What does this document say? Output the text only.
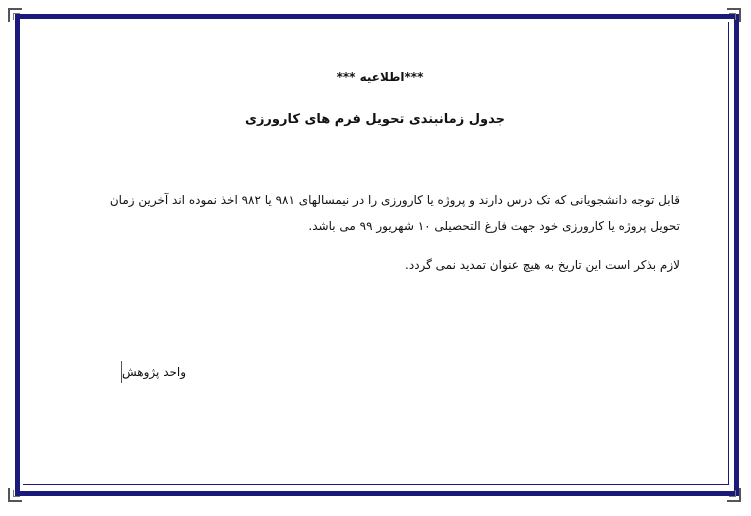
***اطلاعیه ***
جدول زمانبندی تحویل فرم های کارورزی
قابل توجه دانشجویانی که تک درس دارند و پروژه یا کارورزی را در نیمسالهای ۹۸۱ یا ۹۸۲ اخذ نموده اند آخرین زمان
تحویل پروژه یا کارورزی خود جهت فارغ التحصیلی ۱۰ شهریور ۹۹ می باشد.
لازم بذکر است این تاریخ به هیچ عنوان تمدید نمی گردد.
واحد پژوهش
